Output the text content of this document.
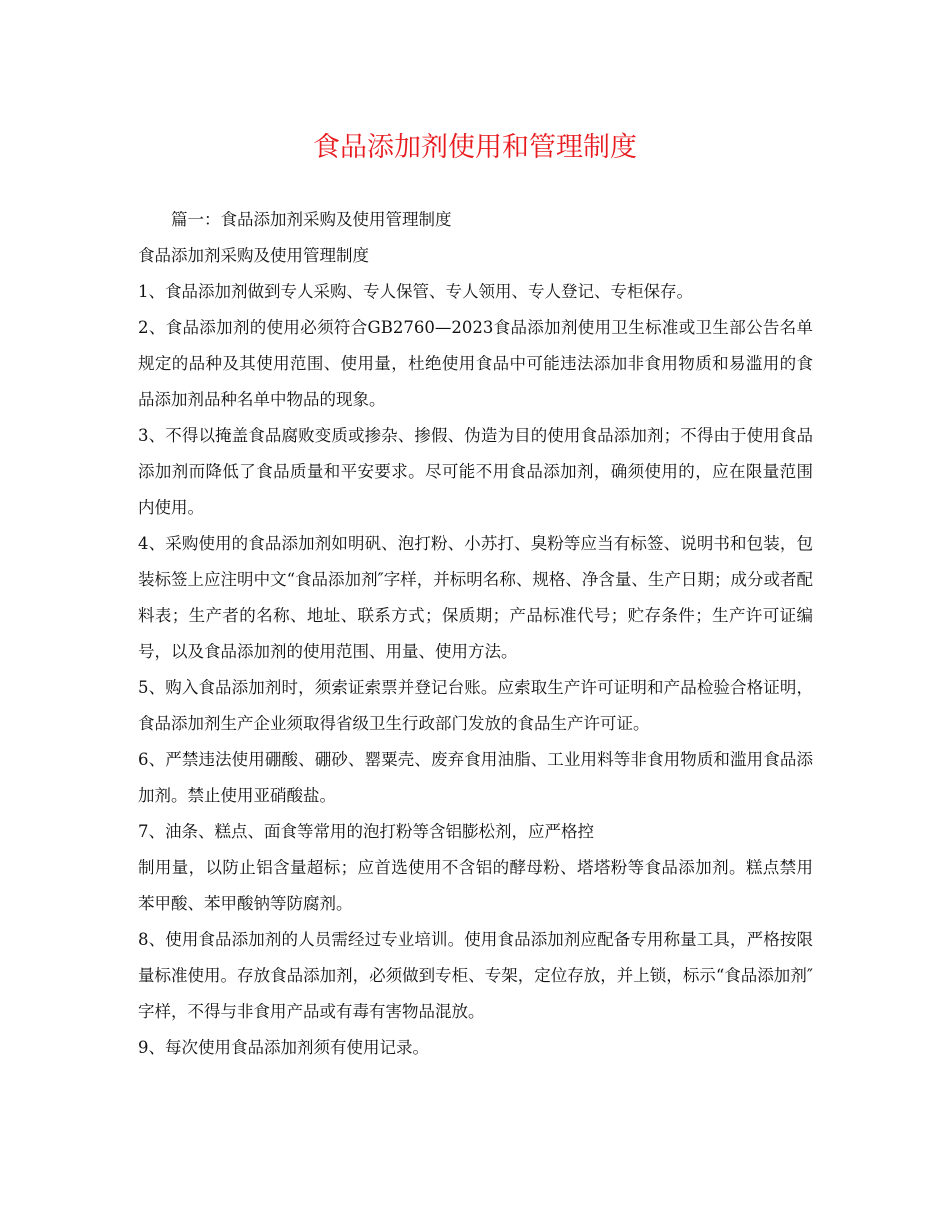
食品添加剂使用和管理制度

篇一：食品添加剂采购及使用管理制度

食品添加剂采购及使用管理制度

1、食品添加剂做到专人采购、专人保管、专人领用、专人登记、专柜保存。

2、食品添加剂的使用必须符合GB2760—2023食品添加剂使用卫生标准或卫生部公告名单规定的品种及其使用范围、使用量，杜绝使用食品中可能违法添加非食用物质和易滥用的食品添加剂品种名单中物品的现象。

3、不得以掩盖食品腐败变质或掺杂、掺假、伪造为目的使用食品添加剂；不得由于使用食品添加剂而降低了食品质量和平安要求。尽可能不用食品添加剂，确须使用的，应在限量范围内使用。

4、采购使用的食品添加剂如明矾、泡打粉、小苏打、臭粉等应当有标签、说明书和包装，包装标签上应注明中文“食品添加剂″字样，并标明名称、规格、净含量、生产日期；成分或者配料表；生产者的名称、地址、联系方式；保质期；产品标准代号；贮存条件；生产许可证编号，以及食品添加剂的使用范围、用量、使用方法。

5、购入食品添加剂时，须索证索票并登记台账。应索取生产许可证明和产品检验合格证明，食品添加剂生产企业须取得省级卫生行政部门发放的食品生产许可证。

6、严禁违法使用硼酸、硼砂、罂粟壳、废弃食用油脂、工业用料等非食用物质和滥用食品添加剂。禁止使用亚硝酸盐。

7、油条、糕点、面食等常用的泡打粉等含铝膨松剂，应严格控

制用量，以防止铝含量超标；应首选使用不含铝的酵母粉、塔塔粉等食品添加剂。糕点禁用苯甲酸、苯甲酸钠等防腐剂。

8、使用食品添加剂的人员需经过专业培训。使用食品添加剂应配备专用称量工具，严格按限量标准使用。存放食品添加剂，必须做到专柜、专架，定位存放，并上锁，标示“食品添加剂″字样，不得与非食用产品或有毒有害物品混放。

9、每次使用食品添加剂须有使用记录。
